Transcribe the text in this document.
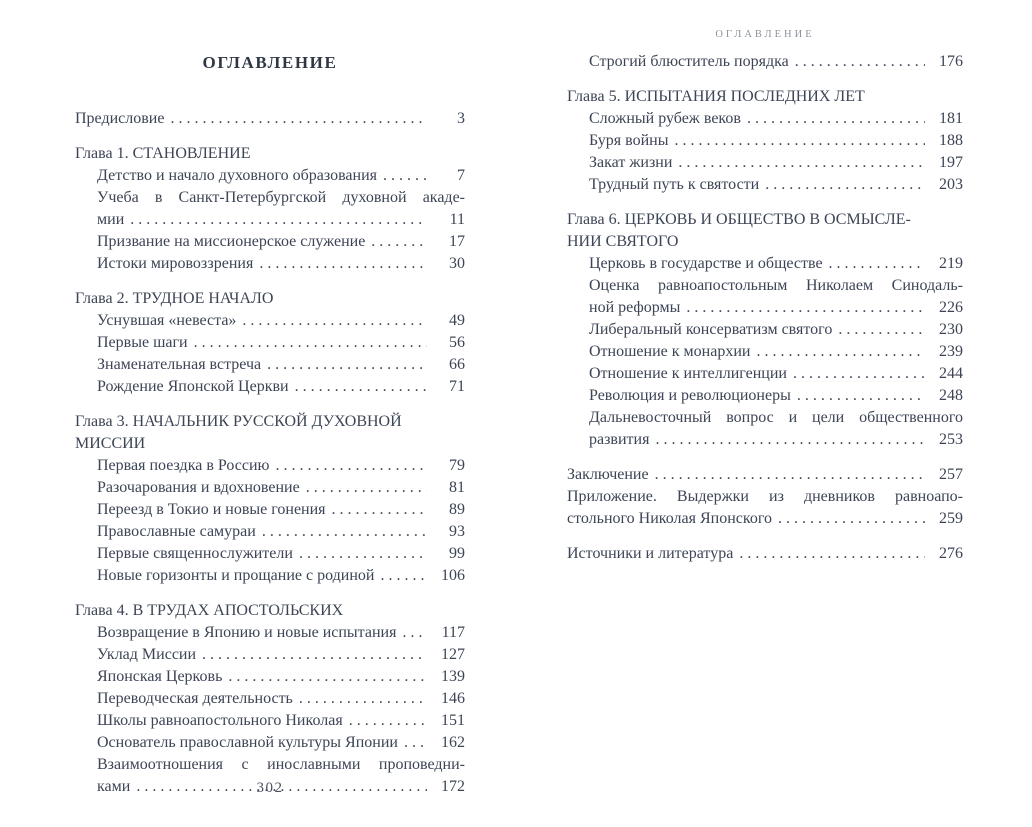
ОГЛАВЛЕНИЕ
Предисловие .....	3
Глава 1. СТАНОВЛЕНИЕ
Детство и начало духовного образования .....	7
Учеба в Санкт-Петербургской духовной акаде-
мии .....	11
Призвание на миссионерское служение .....	17
Истоки мировоззрения .....	30
Глава 2. ТРУДНОЕ НАЧАЛО
Уснувшая «невеста» .....	49
Первые шаги .....	56
Знаменательная встреча .....	66
Рождение Японской Церкви .....	71
Глава 3. НАЧАЛЬНИК РУССКОЙ ДУХОВНОЙ
МИССИИ
Первая поездка в Россию .....	79
Разочарования и вдохновение .....	81
Переезд в Токио и новые гонения .....	89
Православные самураи .....	93
Первые священнослужители .....	99
Новые горизонты и прощание с родиной .....	106
Глава 4. В ТРУДАХ АПОСТОЛЬСКИХ
Возвращение в Японию и новые испытания .....	117
Уклад Миссии .....	127
Японская Церковь .....	139
Переводческая деятельность .....	146
Школы равноапостольного Николая .....	151
Основатель православной культуры Японии .....	162
Взаимоотношения с инославными проповедни-
ками .....	172
ОГЛАВЛЕНИЕ
Строгий блюститель порядка .....	176
Глава 5. ИСПЫТАНИЯ ПОСЛЕДНИХ ЛЕТ
Сложный рубеж веков .....	181
Буря войны .....	188
Закат жизни .....	197
Трудный путь к святости .....	203
Глава 6. ЦЕРКОВЬ И ОБЩЕСТВО В ОСМЫСЛЕ-
НИИ СВЯТОГО
Церковь в государстве и обществе .....	219
Оценка равноапостольным Николаем Синодаль-
ной реформы .....	226
Либеральный консерватизм святого .....	230
Отношение к монархии .....	239
Отношение к интеллигенции .....	244
Революция и революционеры .....	248
Дальневосточный вопрос и цели общественного
развития .....	253
Заключение .....	257
Приложение. Выдержки из дневников равноапо-
стольного Николая Японского .....	259
Источники и литература .....	276
302
